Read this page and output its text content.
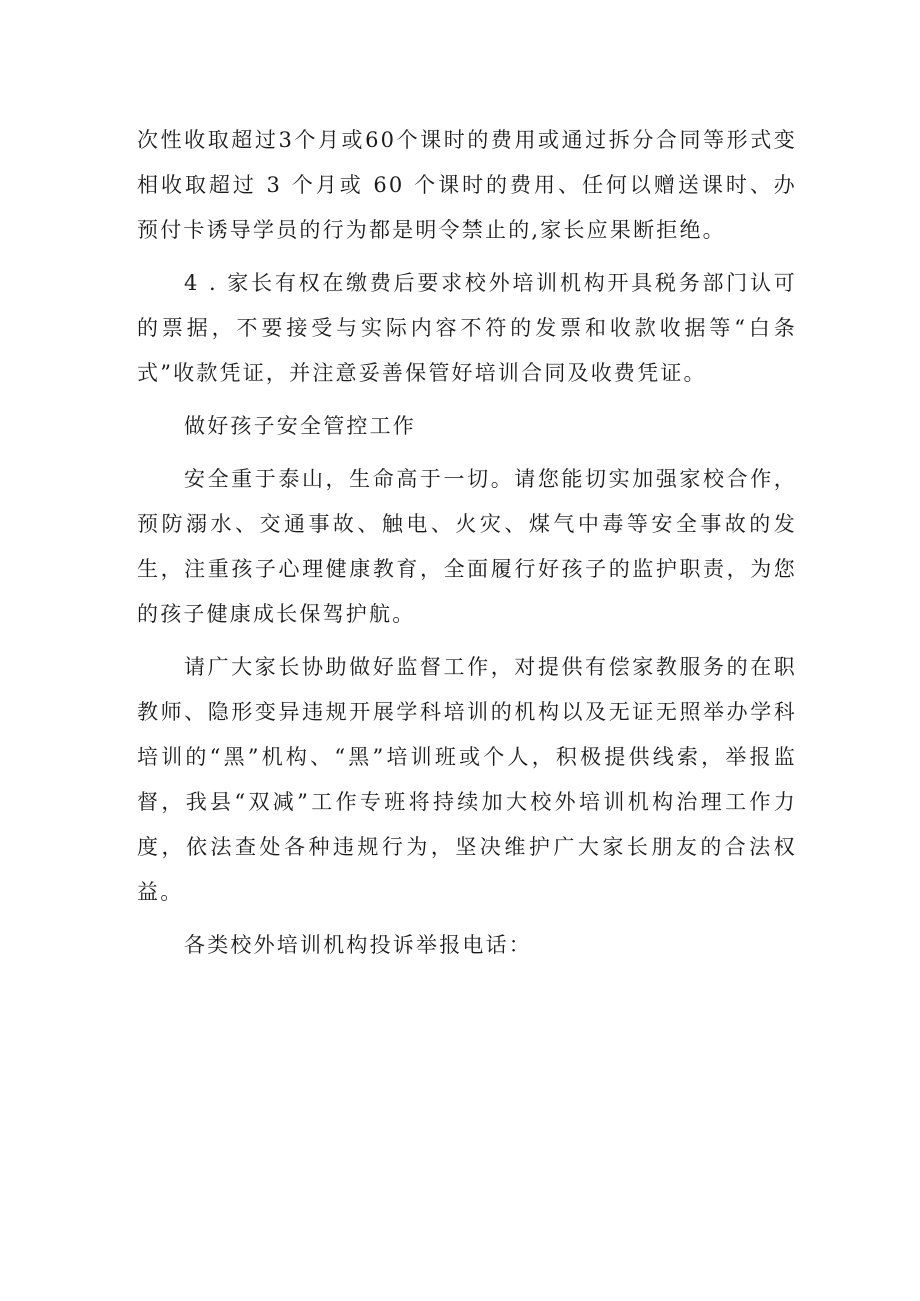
次性收取超过3个月或60个课时的费用或通过拆分合同等形式变相收取超过 3 个月或 60 个课时的费用、任何以赠送课时、办预付卡诱导学员的行为都是明令禁止的,家长应果断拒绝。

4 . 家长有权在缴费后要求校外培训机构开具税务部门认可的票据，不要接受与实际内容不符的发票和收款收据等“白条式”收款凭证，并注意妥善保管好培训合同及收费凭证。

做好孩子安全管控工作

安全重于泰山，生命高于一切。请您能切实加强家校合作，预防溺水、交通事故、触电、火灾、煤气中毒等安全事故的发生，注重孩子心理健康教育，全面履行好孩子的监护职责，为您的孩子健康成长保驾护航。

请广大家长协助做好监督工作，对提供有偿家教服务的在职教师、隐形变异违规开展学科培训的机构以及无证无照举办学科培训的“黑”机构、“黑”培训班或个人，积极提供线索，举报监督，我县“双减”工作专班将持续加大校外培训机构治理工作力度，依法查处各种违规行为，坚决维护广大家长朋友的合法权益。

各类校外培训机构投诉举报电话：
